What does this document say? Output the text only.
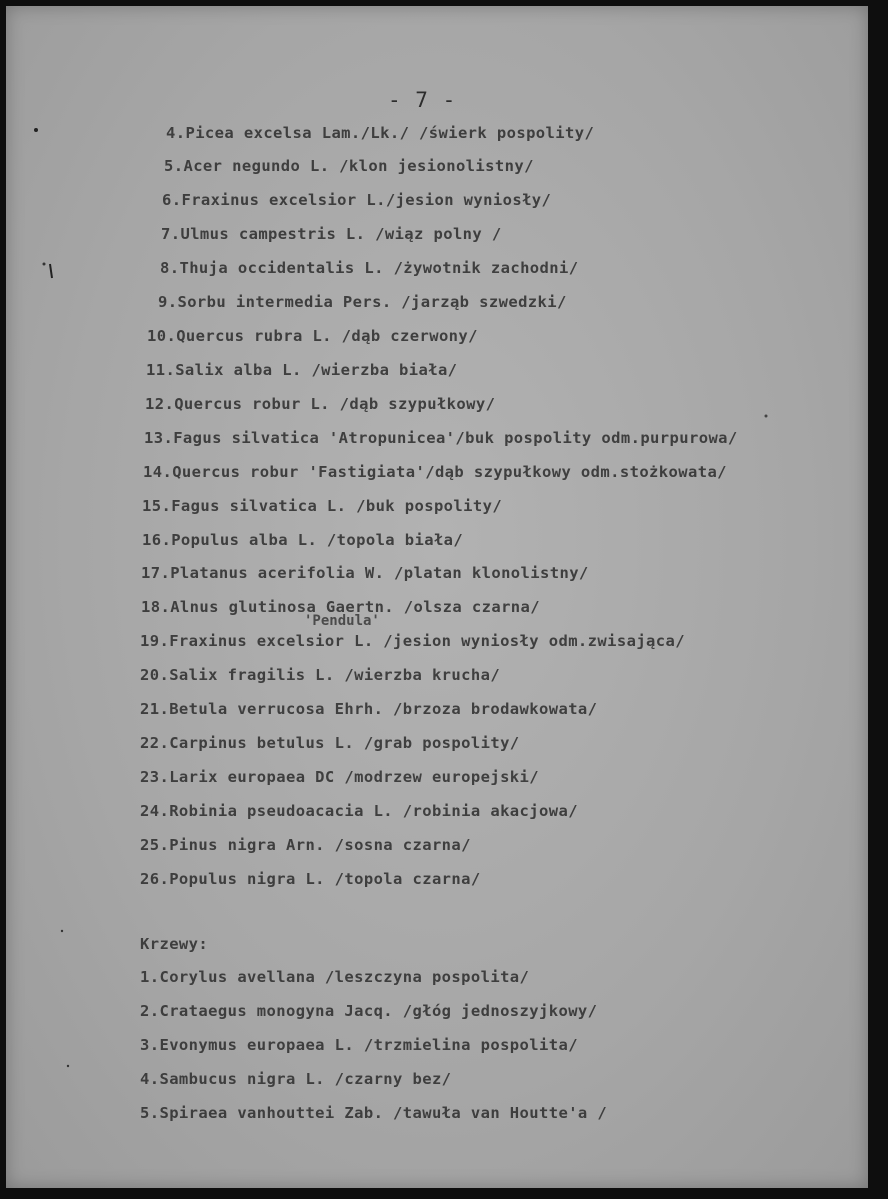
- 7 -

4.Picea excelsa Lam./Lk./ /świerk pospolity/
5.Acer negundo L. /klon jesionolistny/
6.Fraxinus excelsior L./jesion wyniosły/
7.Ulmus campestris L. /wiąz polny /
8.Thuja occidentalis L. /żywotnik zachodni/
9.Sorbu intermedia Pers. /jarząb szwedzki/
10.Quercus rubra L. /dąb czerwony/
11.Salix alba L. /wierzba biała/
12.Quercus robur L. /dąb szypułkowy/
13.Fagus silvatica 'Atropunicea'/buk pospolity odm.purpurowa/
14.Quercus robur 'Fastigiata'/dąb szypułkowy odm.stożkowata/
15.Fagus silvatica L. /buk pospolity/
16.Populus alba L. /topola biała/
17.Platanus acerifolia W. /platan klonolistny/
18.Alnus glutinosa Gaertn. /olsza czarna/
'Pendula'
19.Fraxinus excelsior L. /jesion wyniosły odm.zwisająca/
20.Salix fragilis L. /wierzba krucha/
21.Betula verrucosa Ehrh. /brzoza brodawkowata/
22.Carpinus betulus L. /grab pospolity/
23.Larix europaea DC /modrzew europejski/
24.Robinia pseudoacacia L. /robinia akacjowa/
25.Pinus nigra Arn. /sosna czarna/
26.Populus nigra L. /topola czarna/
Krzewy:
1.Corylus avellana /leszczyna pospolita/
2.Crataegus monogyna Jacq. /głóg jednoszyjkowy/
3.Evonymus europaea L. /trzmielina pospolita/
4.Sambucus nigra L. /czarny bez/
5.Spiraea vanhouttei Zab. /tawuła van Houtte'a /
